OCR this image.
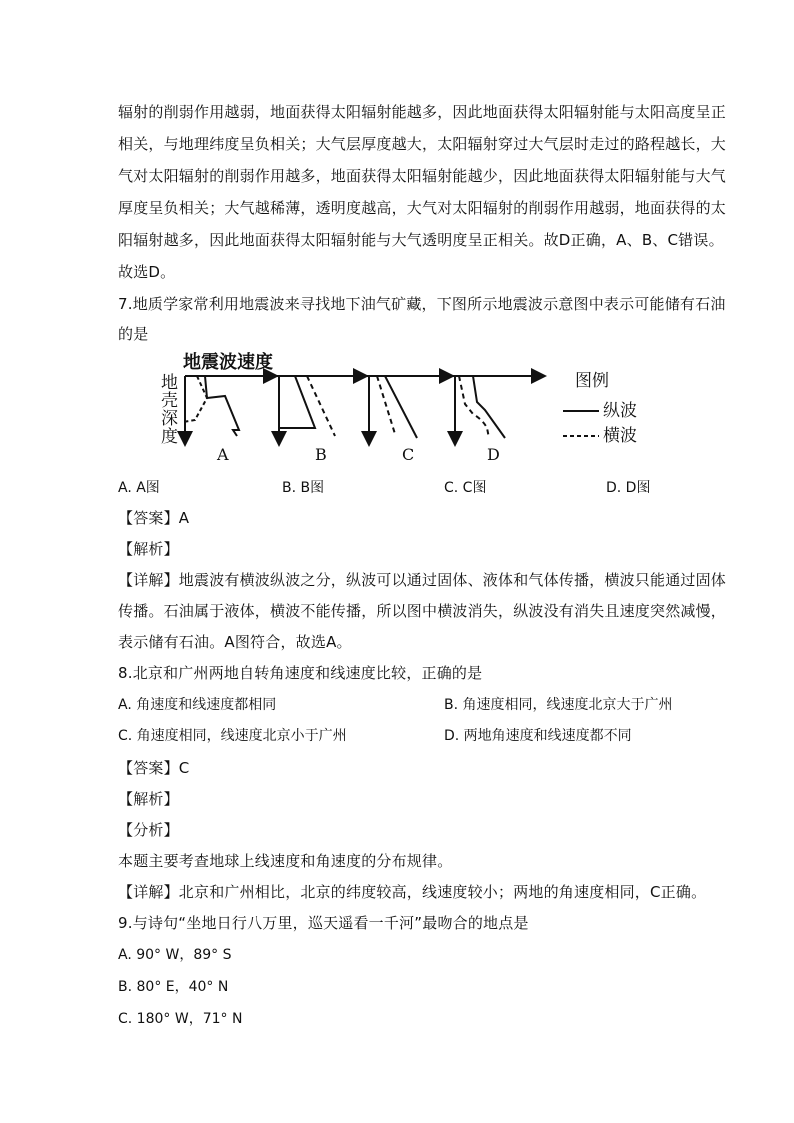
辐射的削弱作用越弱，地面获得太阳辐射能越多，因此地面获得太阳辐射能与太阳高度呈正
相关，与地理纬度呈负相关；大气层厚度越大，太阳辐射穿过大气层时走过的路程越长，大
气对太阳辐射的削弱作用越多，地面获得太阳辐射能越少，因此地面获得太阳辐射能与大气
厚度呈负相关；大气越稀薄，透明度越高，大气对太阳辐射的削弱作用越弱，地面获得的太
阳辐射越多，因此地面获得太阳辐射能与大气透明度呈正相关。故D正确，A、B、C错误。
故选D。
7.地质学家常利用地震波来寻找地下油气矿藏，下图所示地震波示意图中表示可能储有石油
的是
地震波速度
地
壳
深
度
A	B	C	D
图例
纵波
横波
A. A图	B. B图	C. C图	D. D图
【答案】A
【解析】
【详解】地震波有横波纵波之分，纵波可以通过固体、液体和气体传播，横波只能通过固体
传播。石油属于液体，横波不能传播，所以图中横波消失，纵波没有消失且速度突然减慢，
表示储有石油。A图符合，故选A。
8.北京和广州两地自转角速度和线速度比较，正确的是
A. 角速度和线速度都相同	B. 角速度相同，线速度北京大于广州
C. 角速度相同，线速度北京小于广州	D. 两地角速度和线速度都不同
【答案】C
【解析】
【分析】
本题主要考查地球上线速度和角速度的分布规律。
【详解】北京和广州相比，北京的纬度较高，线速度较小；两地的角速度相同，C正确。
9.与诗句“坐地日行八万里，巡天遥看一千河”最吻合的地点是
A. 90° W，89° S
B. 80° E，40° N
C. 180° W，71° N
